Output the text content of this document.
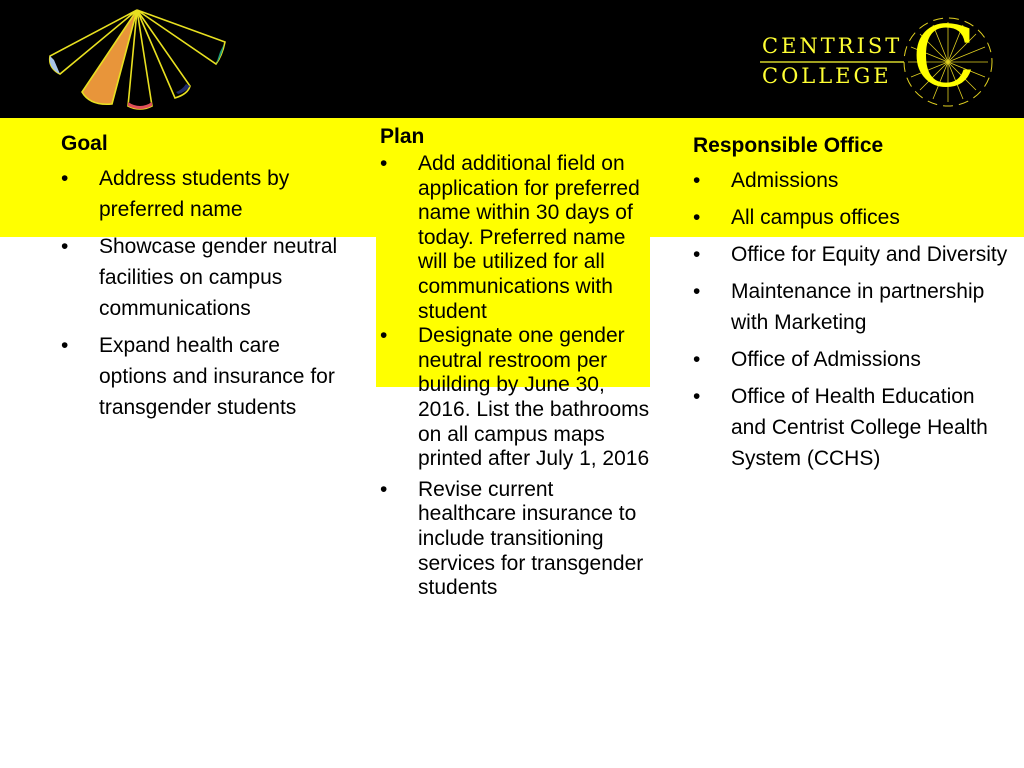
C
CENTRIST
COLLEGE
Goal
•	Address students by preferred name
•	Showcase gender neutral facilities on campus communications
•	Expand health care options and insurance for transgender students
Plan
•	Add additional field on application for preferred name within 30 days of today. Preferred name will be utilized for all communications with student
•	Designate one gender neutral restroom per building by June 30, 2016. List the bathrooms on all campus maps printed after July 1, 2016
•	Revise current healthcare insurance to include transitioning services for transgender students
Responsible Office
•	Admissions
•	All campus offices
•	Office for Equity and Diversity
•	Maintenance in partnership with Marketing
•	Office of Admissions
•	Office of Health Education and Centrist College Health System (CCHS)
